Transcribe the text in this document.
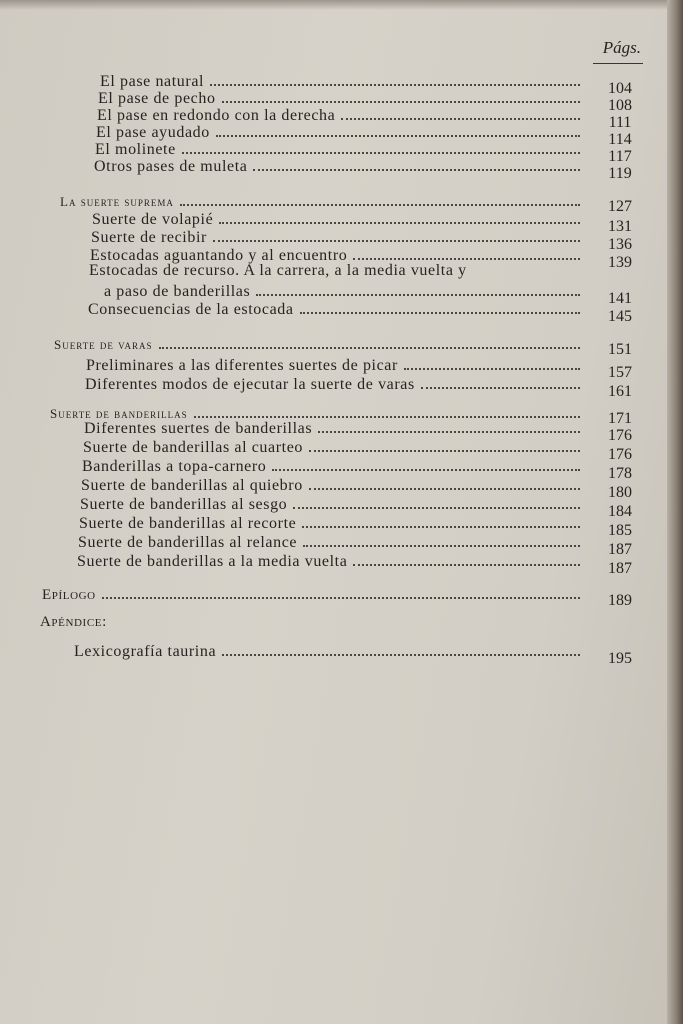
Págs.
El pase natural	104
El pase de pecho	108
El pase en redondo con la derecha	111
El pase ayudado	114
El molinete	117
Otros pases de muleta	119
La suerte suprema	127
Suerte de volapié	131
Suerte de recibir	136
Estocadas aguantando y al encuentro	139
Estocadas de recurso. A la carrera, a la media vuelta y
a paso de banderillas	141
Consecuencias de la estocada	145
Suerte de varas	151
Preliminares a las diferentes suertes de picar	157
Diferentes modos de ejecutar la suerte de varas	161
Suerte de banderillas	171
Diferentes suertes de banderillas	176
Suerte de banderillas al cuarteo	176
Banderillas a topa-carnero	178
Suerte de banderillas al quiebro	180
Suerte de banderillas al sesgo	184
Suerte de banderillas al recorte	185
Suerte de banderillas al relance	187
Suerte de banderillas a la media vuelta	187
Epílogo	189
Apéndice:
Lexicografía taurina	195
